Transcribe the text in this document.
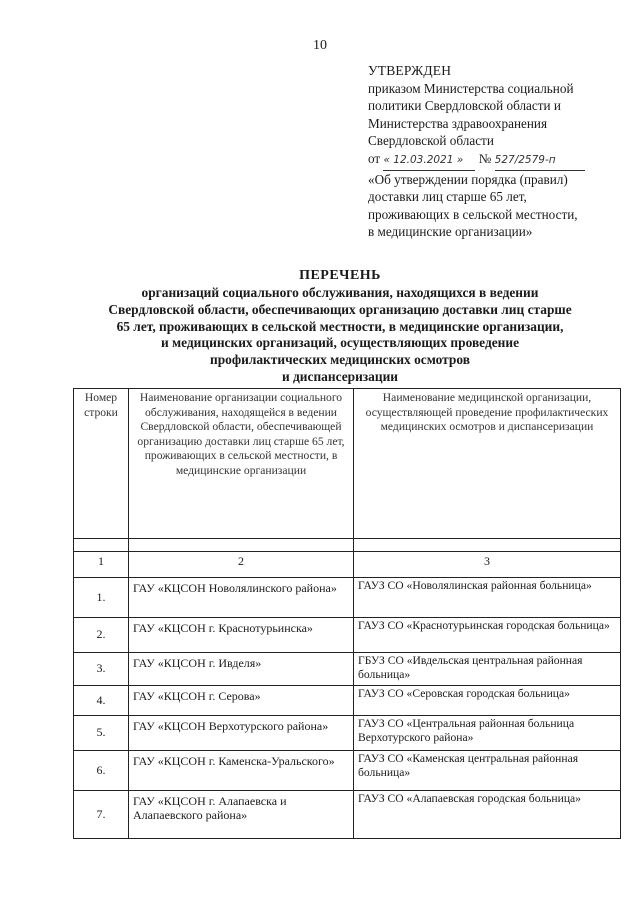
10
УТВЕРЖДЕН
приказом Министерства социальной
политики Свердловской области и
Министерства здравоохранения
Свердловской области
от « 12.03.2021 » № 527/2579-п
«Об утверждении порядка (правил)
доставки лиц старше 65 лет,
проживающих в сельской местности,
в медицинские организации»
ПЕРЕЧЕНЬ
организаций социального обслуживания, находящихся в ведении
Свердловской области, обеспечивающих организацию доставки лиц старше
65 лет, проживающих в сельской местности, в медицинские организации,
и медицинских организаций, осуществляющих проведение
профилактических медицинских осмотров
и диспансеризации
Номер строки	Наименование организации социального обслуживания, находящейся в ведении Свердловской области, обеспечивающей организацию доставки лиц старше 65 лет, проживающих в сельской местности, в медицинские организации	Наименование медицинской организации, осуществляющей проведение профилактических медицинских осмотров и диспансеризации

1	2	3
1.	ГАУ «КЦСОН Новолялинского района»	ГАУЗ СО «Новолялинская районная больница»
2.	ГАУ «КЦСОН г. Краснотурьинска»	ГАУЗ СО «Краснотурьинская городская больница»
3.	ГАУ «КЦСОН г. Ивделя»	ГБУЗ СО «Ивдельская центральная районная больница»
4.	ГАУ «КЦСОН г. Серова»	ГАУЗ СО «Серовская городская больница»
5.	ГАУ «КЦСОН Верхотурского района»	ГАУЗ СО «Центральная районная больница Верхотурского района»
6.	ГАУ «КЦСОН г. Каменска-Уральского»	ГАУЗ СО «Каменская центральная районная больница»
7.	ГАУ «КЦСОН г. Алапаевска и Алапаевского района»	ГАУЗ СО «Алапаевская городская больница»
